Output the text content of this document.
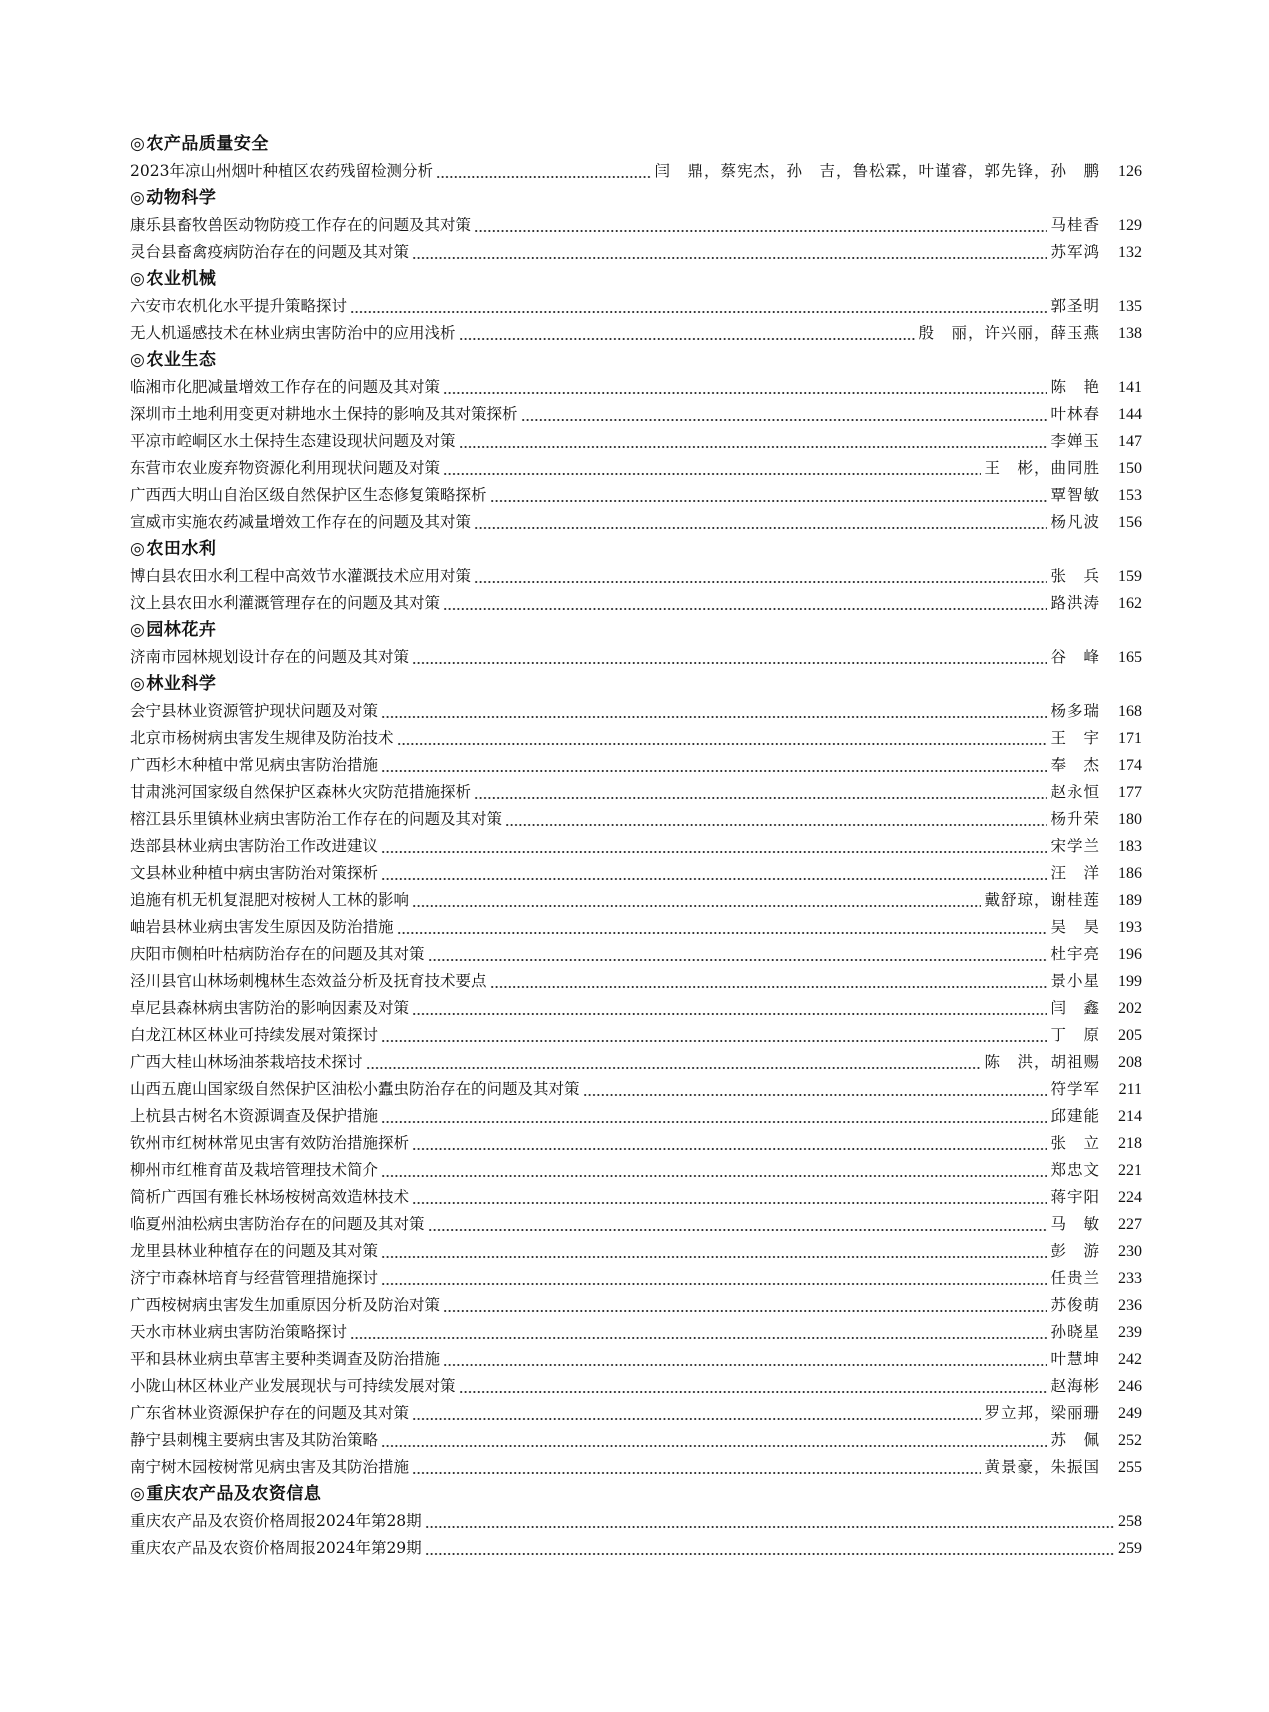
◎农产品质量安全
2023年凉山州烟叶种植区农药残留检测分析	闫　鼎，蔡宪杰，孙　吉，鲁松霖，叶谨睿，郭先锋，孙　鹏	126
◎动物科学
康乐县畜牧兽医动物防疫工作存在的问题及其对策	马桂香	129
灵台县畜禽疫病防治存在的问题及其对策	苏军鸿	132
◎农业机械
六安市农机化水平提升策略探讨	郭圣明	135
无人机遥感技术在林业病虫害防治中的应用浅析	殷　丽，许兴丽，薛玉燕	138
◎农业生态
临湘市化肥减量增效工作存在的问题及其对策	陈　艳	141
深圳市土地利用变更对耕地水土保持的影响及其对策探析	叶林春	144
平凉市崆峒区水土保持生态建设现状问题及对策	李婵玉	147
东营市农业废弃物资源化利用现状问题及对策	王　彬，曲同胜	150
广西西大明山自治区级自然保护区生态修复策略探析	覃智敏	153
宣威市实施农药减量增效工作存在的问题及其对策	杨凡波	156
◎农田水利
博白县农田水利工程中高效节水灌溉技术应用对策	张　兵	159
汶上县农田水利灌溉管理存在的问题及其对策	路洪涛	162
◎园林花卉
济南市园林规划设计存在的问题及其对策	谷　峰	165
◎林业科学
会宁县林业资源管护现状问题及对策	杨多瑞	168
北京市杨树病虫害发生规律及防治技术	王　宇	171
广西杉木种植中常见病虫害防治措施	奉　杰	174
甘肃洮河国家级自然保护区森林火灾防范措施探析	赵永恒	177
榕江县乐里镇林业病虫害防治工作存在的问题及其对策	杨升荣	180
迭部县林业病虫害防治工作改进建议	宋学兰	183
文县林业种植中病虫害防治对策探析	汪　洋	186
追施有机无机复混肥对桉树人工林的影响	戴舒琼，谢桂莲	189
岫岩县林业病虫害发生原因及防治措施	吴　昊	193
庆阳市侧柏叶枯病防治存在的问题及其对策	杜宇亮	196
泾川县官山林场刺槐林生态效益分析及抚育技术要点	景小星	199
卓尼县森林病虫害防治的影响因素及对策	闫　鑫	202
白龙江林区林业可持续发展对策探讨	丁　原	205
广西大桂山林场油茶栽培技术探讨	陈　洪，胡祖赐	208
山西五鹿山国家级自然保护区油松小蠹虫防治存在的问题及其对策	符学军	211
上杭县古树名木资源调查及保护措施	邱建能	214
钦州市红树林常见虫害有效防治措施探析	张　立	218
柳州市红椎育苗及栽培管理技术简介	郑忠文	221
简析广西国有雅长林场桉树高效造林技术	蒋宇阳	224
临夏州油松病虫害防治存在的问题及其对策	马　敏	227
龙里县林业种植存在的问题及其对策	彭　游	230
济宁市森林培育与经营管理措施探讨	任贵兰	233
广西桉树病虫害发生加重原因分析及防治对策	苏俊萌	236
天水市林业病虫害防治策略探讨	孙晓星	239
平和县林业病虫草害主要种类调查及防治措施	叶慧坤	242
小陇山林区林业产业发展现状与可持续发展对策	赵海彬	246
广东省林业资源保护存在的问题及其对策	罗立邦，梁丽珊	249
静宁县刺槐主要病虫害及其防治策略	苏　佩	252
南宁树木园桉树常见病虫害及其防治措施	黄景豪，朱振国	255
◎重庆农产品及农资信息
重庆农产品及农资价格周报2024年第28期	258
重庆农产品及农资价格周报2024年第29期	259
